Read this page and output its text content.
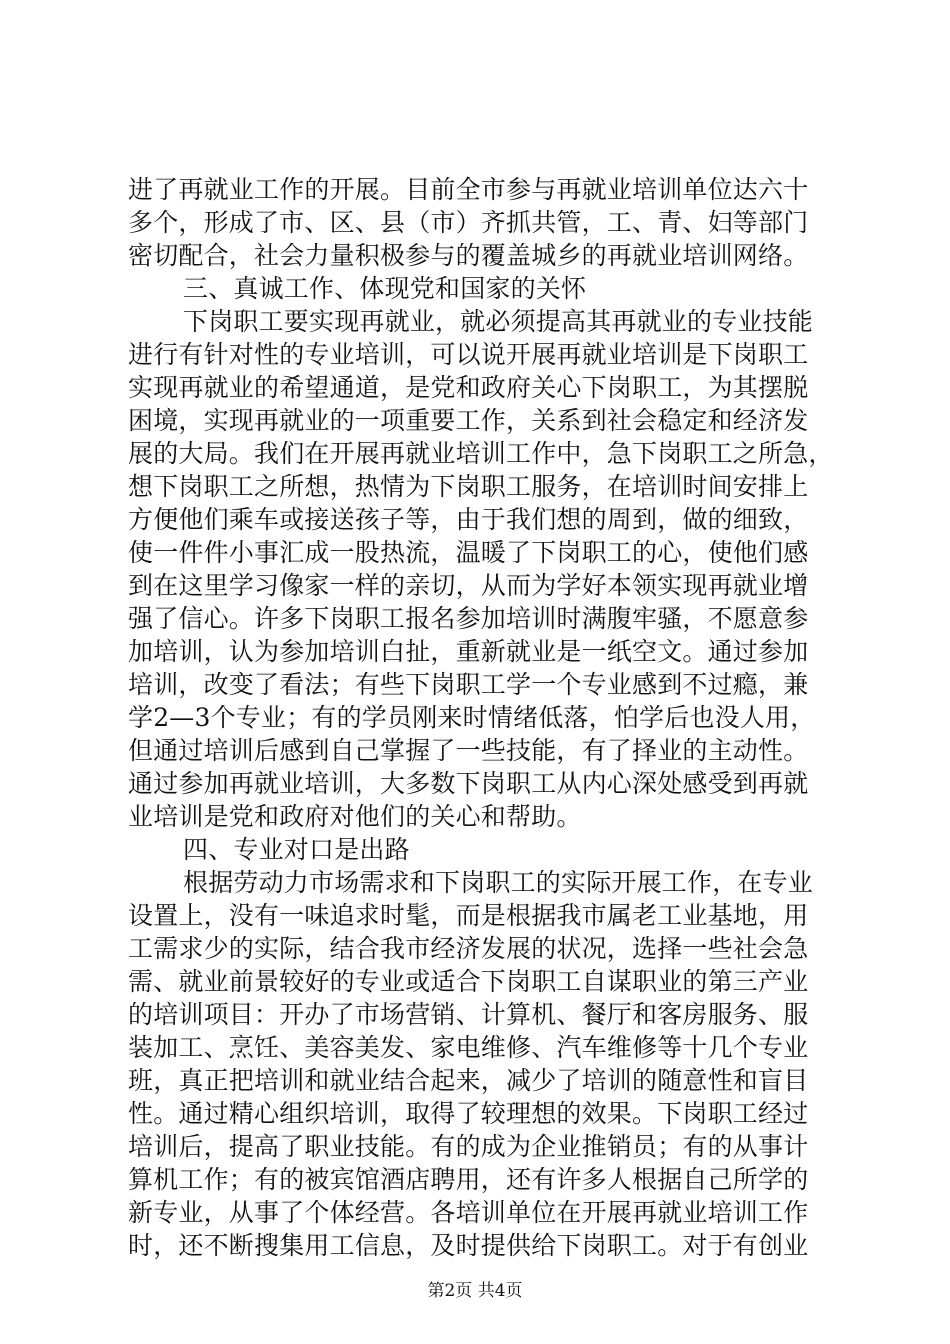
进了再就业工作的开展。目前全市参与再就业培训单位达六十
多个，形成了市、区、县（市）齐抓共管，工、青、妇等部门
密切配合，社会力量积极参与的覆盖城乡的再就业培训网络。
三、真诚工作、体现党和国家的关怀
下岗职工要实现再就业，就必须提高其再就业的专业技能
进行有针对性的专业培训，可以说开展再就业培训是下岗职工
实现再就业的希望通道，是党和政府关心下岗职工，为其摆脱
困境，实现再就业的一项重要工作，关系到社会稳定和经济发
展的大局。我们在开展再就业培训工作中，急下岗职工之所急，
想下岗职工之所想，热情为下岗职工服务，在培训时间安排上
方便他们乘车或接送孩子等，由于我们想的周到，做的细致，
使一件件小事汇成一股热流，温暖了下岗职工的心，使他们感
到在这里学习像家一样的亲切，从而为学好本领实现再就业增
强了信心。许多下岗职工报名参加培训时满腹牢骚，不愿意参
加培训，认为参加培训白扯，重新就业是一纸空文。通过参加
培训，改变了看法；有些下岗职工学一个专业感到不过瘾，兼
学2—3个专业；有的学员刚来时情绪低落，怕学后也没人用，
但通过培训后感到自己掌握了一些技能，有了择业的主动性。
通过参加再就业培训，大多数下岗职工从内心深处感受到再就
业培训是党和政府对他们的关心和帮助。
四、专业对口是出路
根据劳动力市场需求和下岗职工的实际开展工作，在专业
设置上，没有一味追求时髦，而是根据我市属老工业基地，用
工需求少的实际，结合我市经济发展的状况，选择一些社会急
需、就业前景较好的专业或适合下岗职工自谋职业的第三产业
的培训项目：开办了市场营销、计算机、餐厅和客房服务、服
装加工、烹饪、美容美发、家电维修、汽车维修等十几个专业
班，真正把培训和就业结合起来，减少了培训的随意性和盲目
性。通过精心组织培训，取得了较理想的效果。下岗职工经过
培训后，提高了职业技能。有的成为企业推销员；有的从事计
算机工作；有的被宾馆酒店聘用，还有许多人根据自己所学的
新专业，从事了个体经营。各培训单位在开展再就业培训工作
时，还不断搜集用工信息，及时提供给下岗职工。对于有创业
第2页 共4页
